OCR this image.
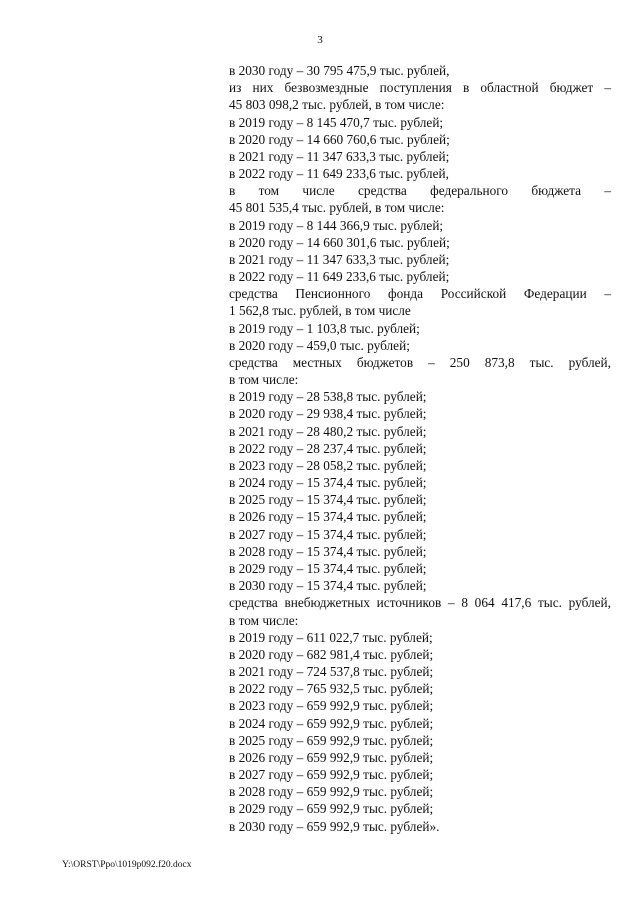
3
в 2030 году – 30 795 475,9 тыс. рублей,
из них безвозмездные поступления в областной бюджет –
45 803 098,2 тыс. рублей, в том числе:
в 2019 году – 8 145 470,7 тыс. рублей;
в 2020 году – 14 660 760,6 тыс. рублей;
в 2021 году – 11 347 633,3 тыс. рублей;
в 2022 году – 11 649 233,6 тыс. рублей,
в том числе средства федерального бюджета –
45 801 535,4 тыс. рублей, в том числе:
в 2019 году – 8 144 366,9 тыс. рублей;
в 2020 году – 14 660 301,6 тыс. рублей;
в 2021 году – 11 347 633,3 тыс. рублей;
в 2022 году – 11 649 233,6 тыс. рублей;
средства Пенсионного фонда Российской Федерации –
1 562,8 тыс. рублей, в том числе
в 2019 году – 1 103,8 тыс. рублей;
в 2020 году – 459,0 тыс. рублей;
средства местных бюджетов – 250 873,8 тыс. рублей,
в том числе:
в 2019 году – 28 538,8 тыс. рублей;
в 2020 году – 29 938,4 тыс. рублей;
в 2021 году – 28 480,2 тыс. рублей;
в 2022 году – 28 237,4 тыс. рублей;
в 2023 году – 28 058,2 тыс. рублей;
в 2024 году – 15 374,4 тыс. рублей;
в 2025 году – 15 374,4 тыс. рублей;
в 2026 году – 15 374,4 тыс. рублей;
в 2027 году – 15 374,4 тыс. рублей;
в 2028 году – 15 374,4 тыс. рублей;
в 2029 году – 15 374,4 тыс. рублей;
в 2030 году – 15 374,4 тыс. рублей;
средства внебюджетных источников – 8 064 417,6 тыс. рублей,
в том числе:
в 2019 году – 611 022,7 тыс. рублей;
в 2020 году – 682 981,4 тыс. рублей;
в 2021 году – 724 537,8 тыс. рублей;
в 2022 году – 765 932,5 тыс. рублей;
в 2023 году – 659 992,9 тыс. рублей;
в 2024 году – 659 992,9 тыс. рублей;
в 2025 году – 659 992,9 тыс. рублей;
в 2026 году – 659 992,9 тыс. рублей;
в 2027 году – 659 992,9 тыс. рублей;
в 2028 году – 659 992,9 тыс. рублей;
в 2029 году – 659 992,9 тыс. рублей;
в 2030 году – 659 992,9 тыс. рублей».
Y:\ORST\Ppo\1019p092.f20.docx
